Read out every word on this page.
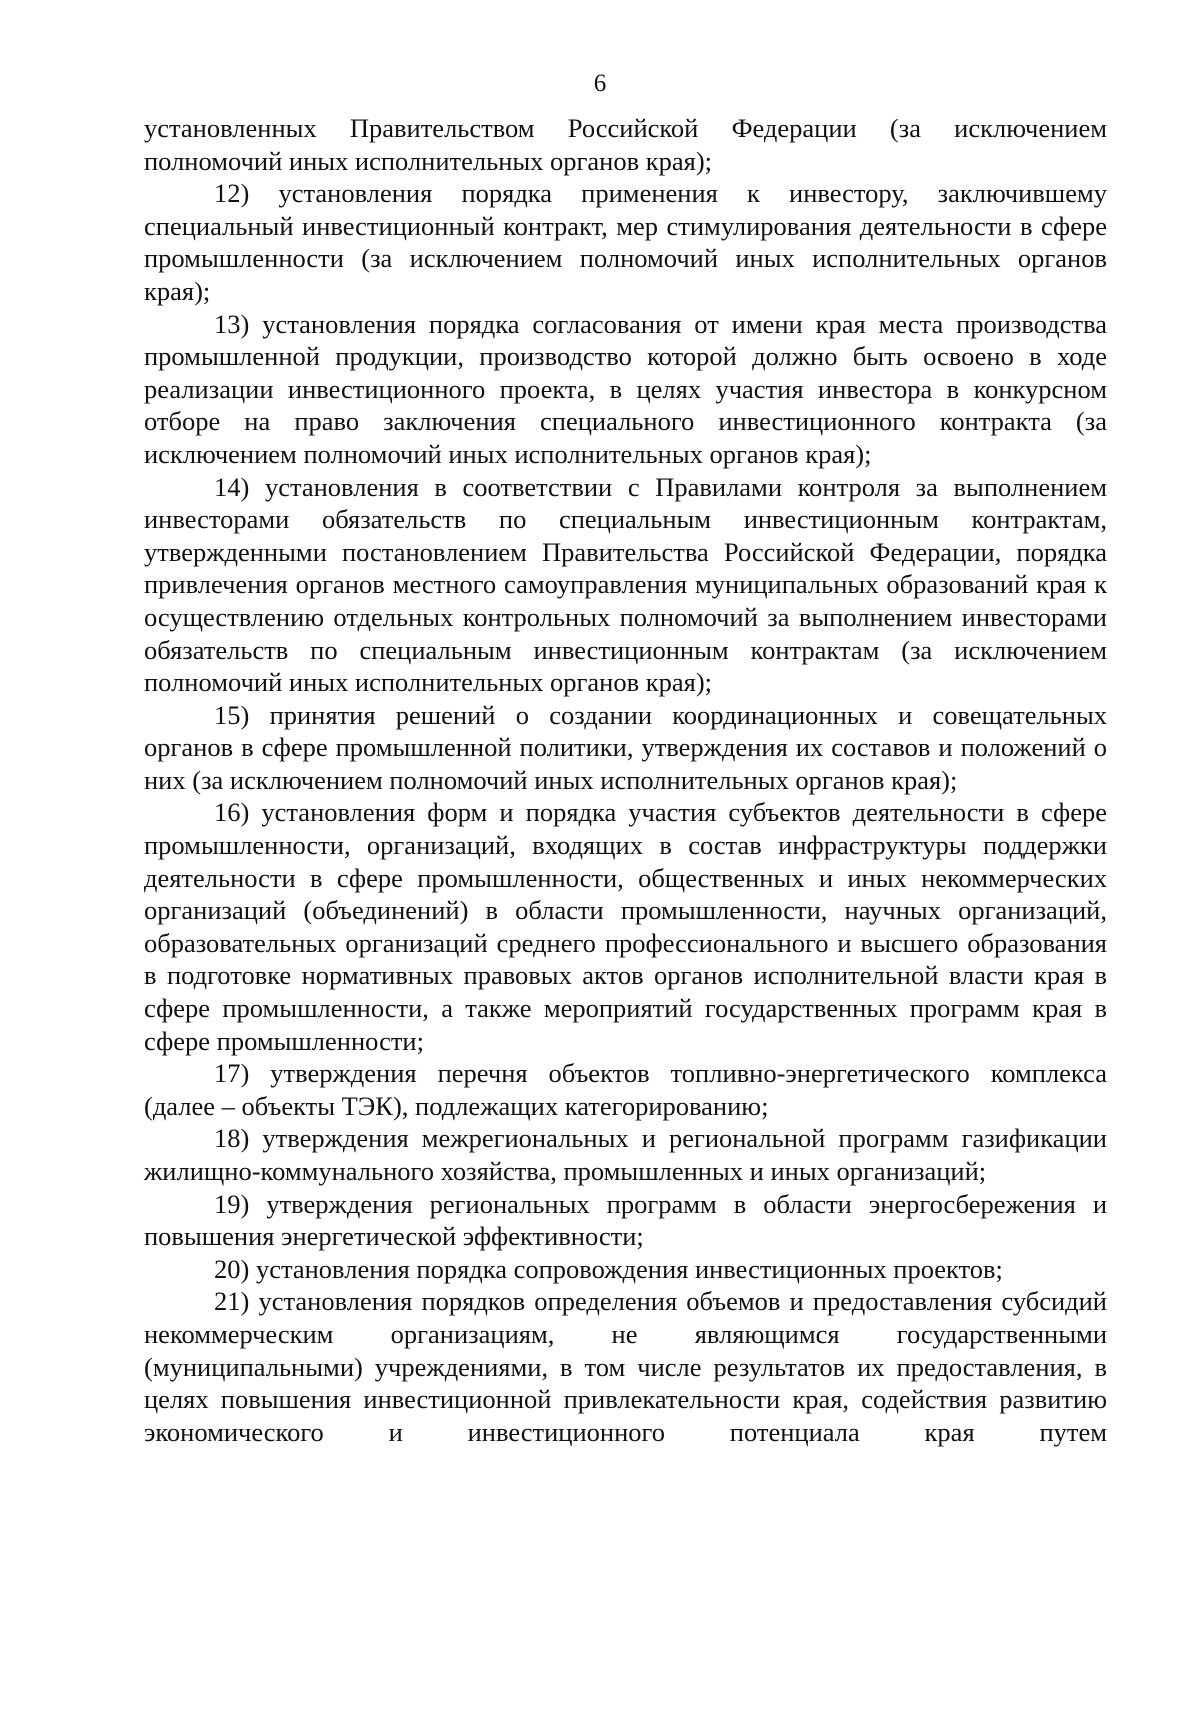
6

установленных Правительством Российской Федерации (за исключением полномочий иных исполнительных органов края);

12) установления порядка применения к инвестору, заключившему специальный инвестиционный контракт, мер стимулирования деятельности в сфере промышленности (за исключением полномочий иных исполнительных органов края);

13) установления порядка согласования от имени края места производства промышленной продукции, производство которой должно быть освоено в ходе реализации инвестиционного проекта, в целях участия инвестора в конкурсном отборе на право заключения специального инвестиционного контракта (за исключением полномочий иных исполнительных органов края);

14) установления в соответствии с Правилами контроля за выполнением инвесторами обязательств по специальным инвестиционным контрактам, утвержденными постановлением Правительства Российской Федерации, порядка привлечения органов местного самоуправления муниципальных образований края к осуществлению отдельных контрольных полномочий за выполнением инвесторами обязательств по специальным инвестиционным контрактам (за исключением полномочий иных исполнительных органов края);

15) принятия решений о создании координационных и совещательных органов в сфере промышленной политики, утверждения их составов и положений о них (за исключением полномочий иных исполнительных органов края);

16) установления форм и порядка участия субъектов деятельности в сфере промышленности, организаций, входящих в состав инфраструктуры поддержки деятельности в сфере промышленности, общественных и иных некоммерческих организаций (объединений) в области промышленности, научных организаций, образовательных организаций среднего профессионального и высшего образования в подготовке нормативных правовых актов органов исполнительной власти края в сфере промышленности, а также мероприятий государственных программ края в сфере промышленности;

17) утверждения перечня объектов топливно-энергетического комплекса (далее – объекты ТЭК), подлежащих категорированию;

18) утверждения межрегиональных и региональной программ газификации жилищно-коммунального хозяйства, промышленных и иных организаций;

19) утверждения региональных программ в области энергосбережения и повышения энергетической эффективности;

20) установления порядка сопровождения инвестиционных проектов;

21) установления порядков определения объемов и предоставления субсидий некоммерческим организациям, не являющимся государственными (муниципальными) учреждениями, в том числе результатов их предоставления, в целях повышения инвестиционной привлекательности края, содействия развитию экономического и инвестиционного потенциала края путем
